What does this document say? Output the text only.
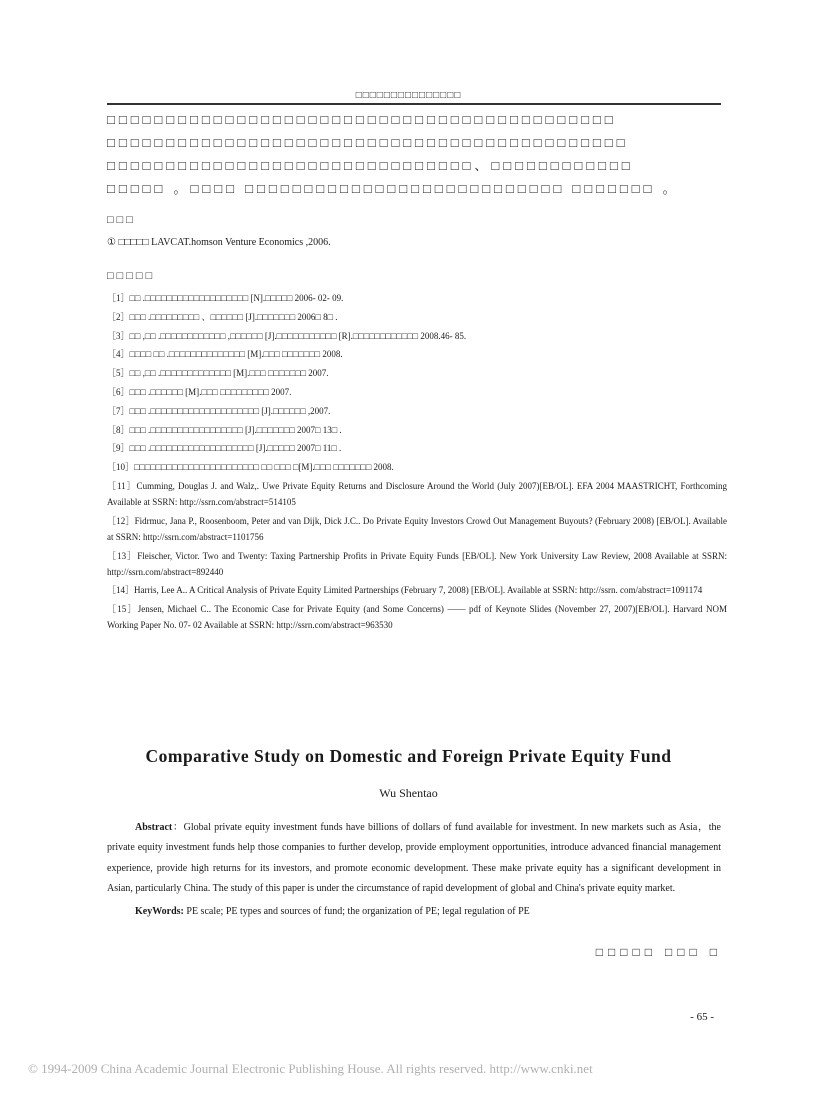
□□□□□□□□□□□□□□□

□□□□□□□□□□□□□□□□□□□□□□□□□□□□□□□□□□□□□□□□□□□

□□□□□□□□□□□□□□□□□□□□□□□□□□□□□□□□□□□□□□□□□□□□

□□□□□□□□□□□□□□□□□□□□□□□□□□□□□□□、□□□□□□□□□□□□

□□□□□ 。□□□□ □□□□□□□□□□□□□□□□□□□□□□□□□□□ □□□□□□□ 。

□□□
① □□□□□ LAVCAT.homson Venture Economics ,2006.
□□□□□
［1］□□ .□□□□□□□□□□□□□□□□□□□ [N].□□□□□ 2006- 02- 09.
［2］□□□ .□□□□□□□□□ 、□□□□□□ [J].□□□□□□□ 2006□ 8□ .
［3］□□ ,□□ .□□□□□□□□□□□□ ,□□□□□□ [J].□□□□□□□□□□□ [R].□□□□□□□□□□□□ 2008.46- 85.
［4］□□□□ □□ .□□□□□□□□□□□□□□ [M].□□□ □□□□□□□ 2008.
［5］□□ ,□□ .□□□□□□□□□□□□□ [M].□□□ □□□□□□□ 2007.
［6］□□□ .□□□□□□ [M].□□□ □□□□□□□□□ 2007.
［7］□□□ .□□□□□□□□□□□□□□□□□□□□ [J].□□□□□□ ,2007.
［8］□□□ .□□□□□□□□□□□□□□□□□ [J].□□□□□□□ 2007□ 13□ .
［9］□□□ .□□□□□□□□□□□□□□□□□□□ [J].□□□□□ 2007□ 11□ .
［10］□□□□□□□□□□□□□□□□□□□□□□□ □□ □□□ □[M].□□□ □□□□□□□ 2008.
［11］Cumming, Douglas J. and Walz,. Uwe Private Equity Returns and Disclosure Around the World (July 2007)[EB/OL]. EFA 2004 MAASTRICHT, Forthcoming Available at SSRN: http://ssrn.com/abstract=514105
［12］Fidrmuc, Jana P., Roosenboom, Peter and van Dijk, Dick J.C.. Do Private Equity Investors Crowd Out Management Buyouts? (February 2008) [EB/OL]. Available at SSRN: http://ssrn.com/abstract=1101756
［13］Fleischer, Victor. Two and Twenty: Taxing Partnership Profits in Private Equity Funds [EB/OL]. New York University Law Review, 2008 Available at SSRN: http://ssrn.com/abstract=892440
［14］Harris, Lee A.. A Critical Analysis of Private Equity Limited Partnerships (February 7, 2008) [EB/OL]. Available at SSRN: http://ssrn. com/abstract=1091174
［15］Jensen, Michael C.. The Economic Case for Private Equity (and Some Concerns) —— pdf of Keynote Slides (November 27, 2007)[EB/OL]. Harvard NOM Working Paper No. 07- 02 Available at SSRN: http://ssrn.com/abstract=963530
Comparative Study on Domestic and Foreign Private Equity Fund
Wu Shentao

Abstract：Global private equity investment funds have billions of dollars of fund available for investment. In new markets such as Asia，the private equity investment funds help those companies to further develop, provide employment opportunities, introduce advanced financial management experience, provide high returns for its investors, and promote economic development. These make private equity has a significant development in Asian, particularly China. The study of this paper is under the circumstance of rapid development of global and China's private equity market.

KeyWords: PE scale; PE types and sources of fund; the organization of PE; legal regulation of PE

□□□□□ □□□ □
- 65 -
© 1994-2009 China Academic Journal Electronic Publishing House. All rights reserved. http://www.cnki.net
